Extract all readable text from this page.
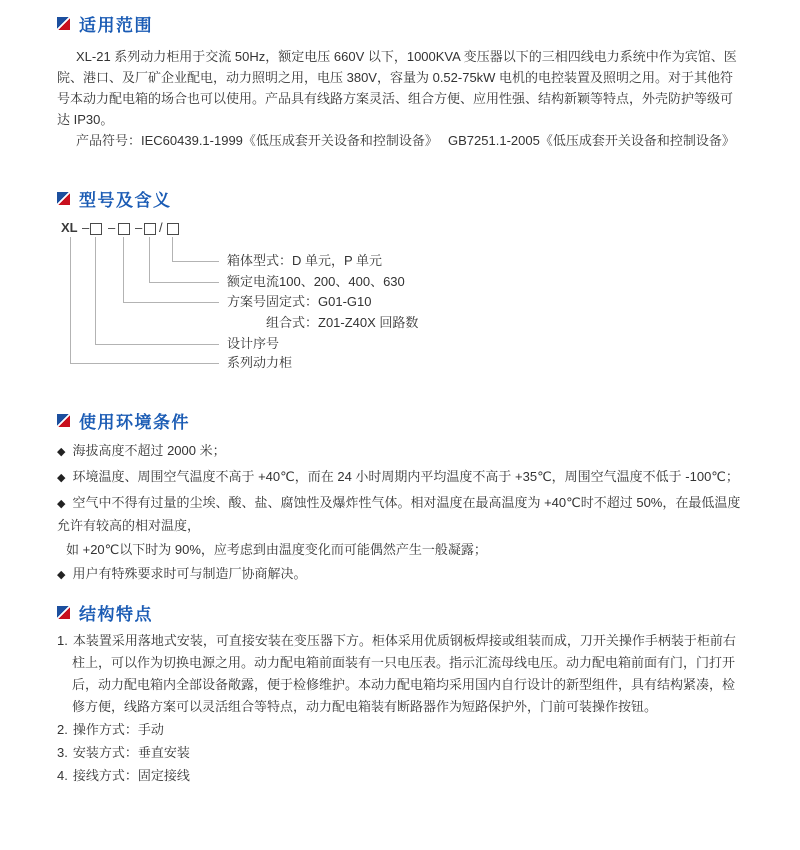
适用范围

XL-21 系列动力柜用于交流 50Hz，额定电压 660V 以下，1000KVA 变压器以下的三相四线电力系统中作为宾馆、医院、港口、及厂矿企业配电，动力照明之用，电压 380V，容量为 0.52-75kW 电机的电控装置及照明之用。对于其他符号本动力配电箱的场合也可以使用。产品具有线路方案灵活、组合方便、应用性强、结构新颖等特点，外壳防护等级可达 IP30。

产品符号：IEC60439.1-1999《低压成套开关设备和控制设备》　 GB7251.1-2005《低压成套开关设备和控制设备》

型号及含义
XL – – – /
箱体型式：D 单元，P 单元
额定电流100、200、400、630
方案号固定式：G01-G10
组合式：Z01-Z40X 回路数
设计序号
系列动力柜
使用环境条件
◆ 海拔高度不超过 2000 米；
◆ 环境温度、周围空气温度不高于 +40℃，而在 24 小时周期内平均温度不高于 +35℃，周围空气温度不低于 -100℃；
◆ 空气中不得有过量的尘埃、酸、盐、腐蚀性及爆炸性气体。相对温度在最高温度为 +40℃时不超过 50%，在最低温度允许有较高的相对温度，
如 +20℃以下时为 90%，应考虑到由温度变化而可能偶然产生一般凝露；
◆ 用户有特殊要求时可与制造厂协商解决。
结构特点
1. 本装置采用落地式安装，可直接安装在变压器下方。柜体采用优质钢板焊接或组装而成，刀开关操作手柄装于柜前右柱上，可以作为切换电源之用。动力配电箱前面装有一只电压表。指示汇流母线电压。动力配电箱前面有门，门打开后，动力配电箱内全部设备敞露，便于检修维护。本动力配电箱均采用国内自行设计的新型组件，具有结构紧凑，检修方便，线路方案可以灵活组合等特点，动力配电箱装有断路器作为短路保护外，门前可装操作按钮。
2. 操作方式：手动
3. 安装方式：垂直安装
4. 接线方式：固定接线
